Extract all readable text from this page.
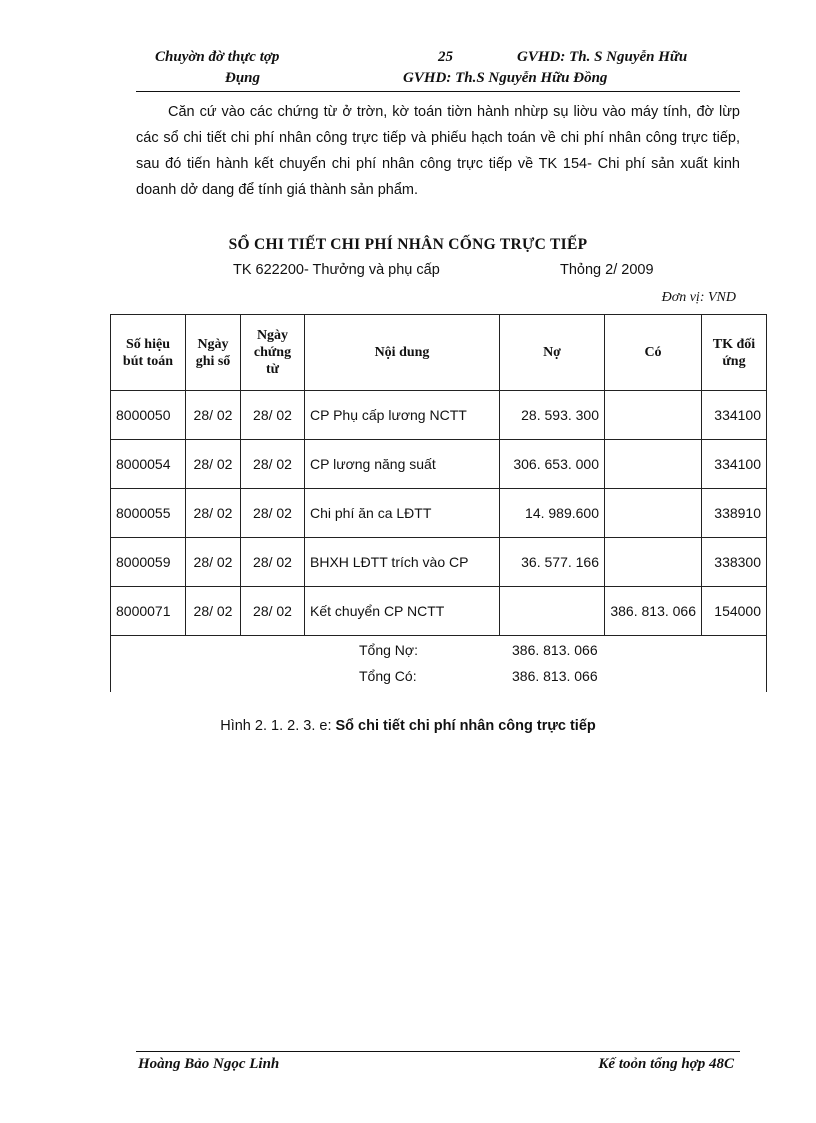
Chuyờn đờ thực tợp
Đụng
25	GVHD: Th. S Nguyễn Hữu
GVHD: Th.S Nguyễn Hữu Đồng

Căn cứ vào các chứng từ ở trờn, kờ toán tiờn hành nhừp sụ liờu vào máy tính, đờ lừp các sổ chi tiết chi phí nhân công trực tiếp và phiếu hạch toán về chi phí nhân công trực tiếp, sau đó tiến hành kết chuyển chi phí nhân công trực tiếp về TK 154- Chi phí sản xuất kinh doanh dở dang để tính giá thành sản phẩm.

SỔ CHI TIẾT CHI PHÍ NHÂN CỐNG TRỰC TIẾP
TK 622200- Thưởng và phụ cấp	Thỏng 2/ 2009
Đơn vị: VND
Số hiệu bút toán	Ngày ghi sổ	Ngày chứng từ	Nội dung	Nợ	Có	TK đối ứng
8000050	28/ 02	28/ 02	CP Phụ cấp lương NCTT	28. 593. 300		334100
8000054	28/ 02	28/ 02	CP lương năng suất	306. 653. 000		334100
8000055	28/ 02	28/ 02	Chi phí ăn ca LĐTT	14. 989.600		338910
8000059	28/ 02	28/ 02	BHXH LĐTT trích vào CP	36. 577. 166		338300
8000071	28/ 02	28/ 02	Kết chuyển CP NCTT		386. 813. 066	154000

Tổng Nợ: 386. 813. 066
Tổng Có: 386. 813. 066						
Hình 2. 1. 2. 3. e: Sổ chi tiết chi phí nhân công trực tiếp
Hoàng Bảo Ngọc Linh	Kế toỏn tổng hợp 48C
